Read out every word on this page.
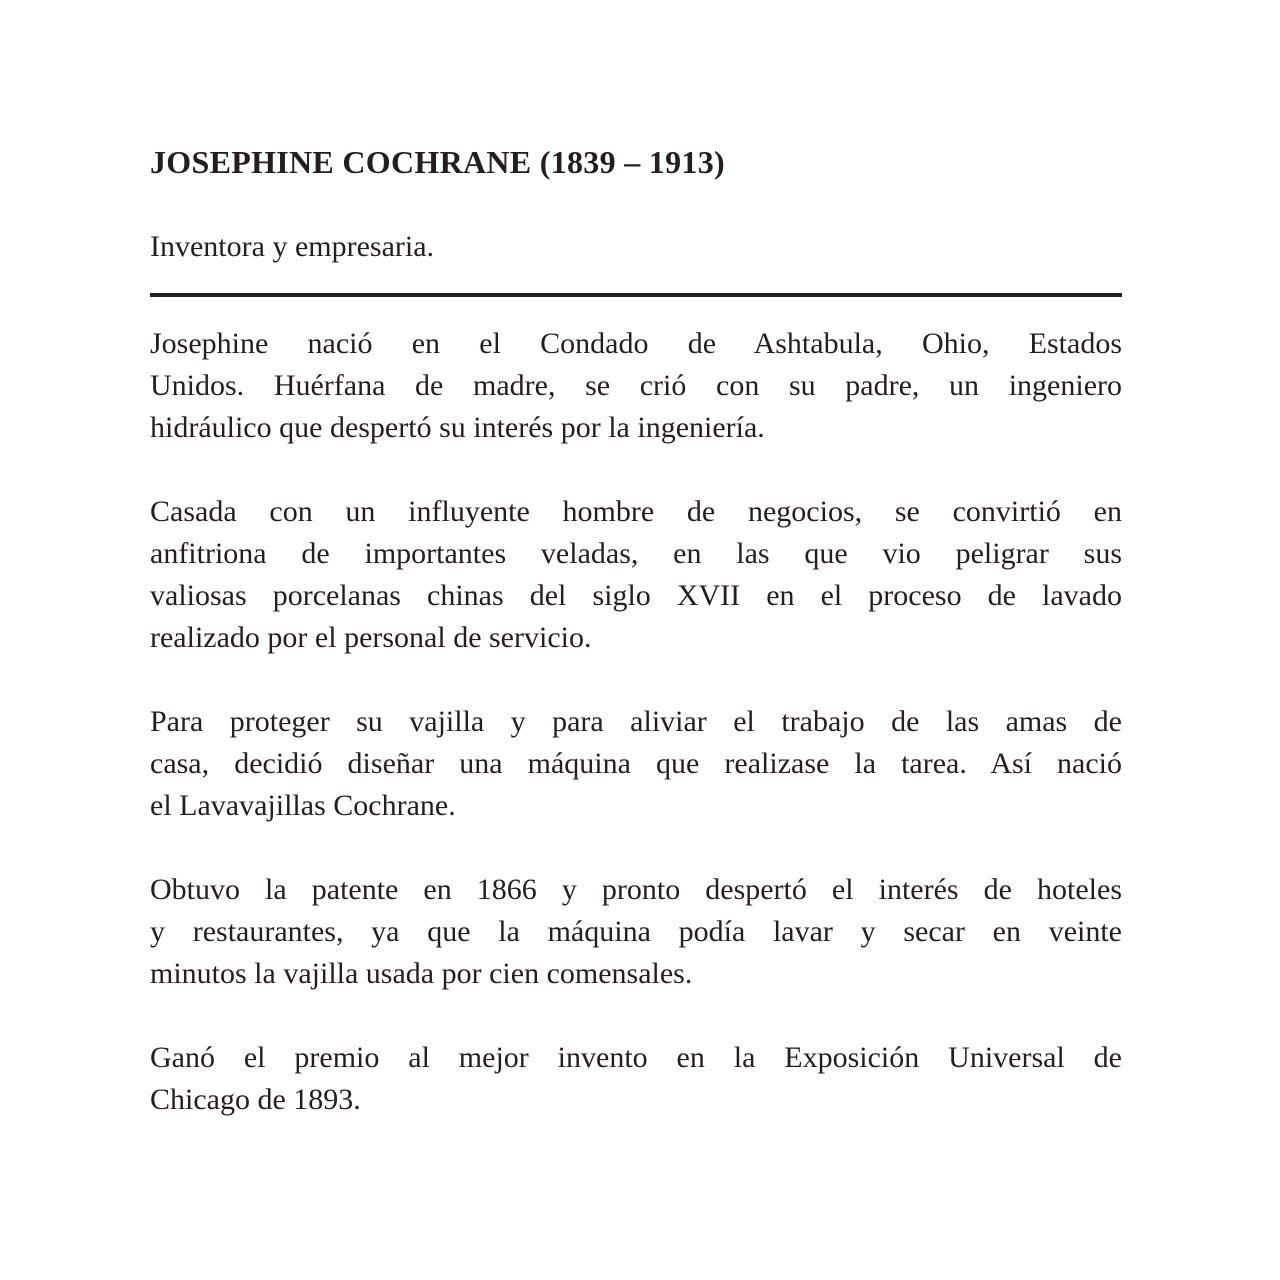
JOSEPHINE COCHRANE (1839 – 1913)
Inventora y empresaria.
Josephine nació en el Condado de Ashtabula, Ohio, Estados
Unidos. Huérfana de madre, se crió con su padre, un ingeniero
hidráulico que despertó su interés por la ingeniería.
Casada con un influyente hombre de negocios, se convirtió en
anfitriona de importantes veladas, en las que vio peligrar sus
valiosas porcelanas chinas del siglo XVII en el proceso de lavado
realizado por el personal de servicio.
Para proteger su vajilla y para aliviar el trabajo de las amas de
casa, decidió diseñar una máquina que realizase la tarea. Así nació
el Lavavajillas Cochrane.
Obtuvo la patente en 1866 y pronto despertó el interés de hoteles
y restaurantes, ya que la máquina podía lavar y secar en veinte
minutos la vajilla usada por cien comensales.
Ganó el premio al mejor invento en la Exposición Universal de
Chicago de 1893.
